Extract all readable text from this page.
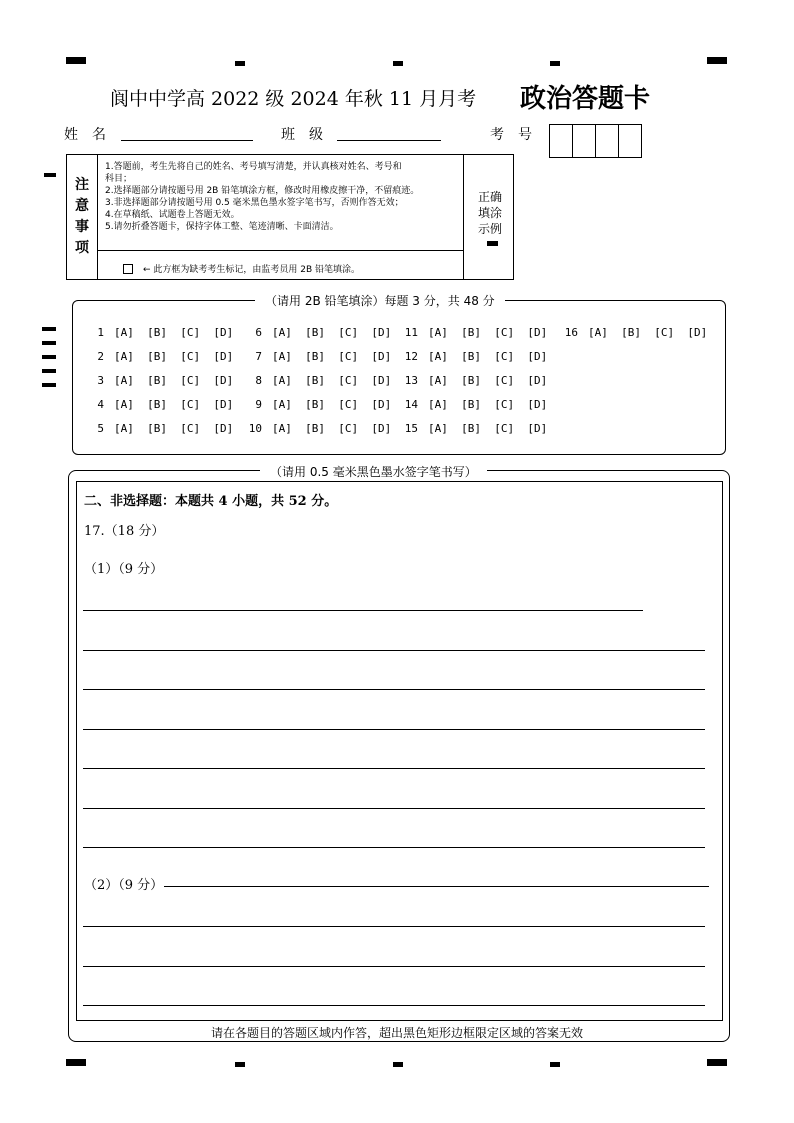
阆中中学高 2022 级 2024 年秋 11 月月考 政治答题卡
姓　名	班　级	考　号
注
意
事
项
1.答题前，考生先将自己的姓名、考号填写清楚，并认真核对姓名、考号和
科目；
2.选择题部分请按题号用 2B 铅笔填涂方框，修改时用橡皮擦干净，不留痕迹。
3.非选择题部分请按题号用 0.5 毫米黑色墨水签字笔书写，否则作答无效；
4.在草稿纸、试题卷上答题无效。
5.请勿折叠答题卡，保持字体工整、笔迹清晰、卡面清洁。
← 此方框为缺考考生标记，由监考员用 2B 铅笔填涂。
正确
填涂
示例
（请用 2B 铅笔填涂）每题 3 分，共 48 分
1 [A]  [B]  [C]  [D]
2 [A]  [B]  [C]  [D]
3 [A]  [B]  [C]  [D]
4 [A]  [B]  [C]  [D]
5 [A]  [B]  [C]  [D]
6 [A]  [B]  [C]  [D]
7 [A]  [B]  [C]  [D]
8 [A]  [B]  [C]  [D]
9 [A]  [B]  [C]  [D]
10 [A]  [B]  [C]  [D]
11 [A]  [B]  [C]  [D]
12 [A]  [B]  [C]  [D]
13 [A]  [B]  [C]  [D]
14 [A]  [B]  [C]  [D]
15 [A]  [B]  [C]  [D]
16 [A]  [B]  [C]  [D]
（请用 0.5 毫米黑色墨水签字笔书写）
二、非选择题：本题共 4 小题，共 52 分。
17.（18 分）
（1）（9 分）
（2）（9 分）
请在各题目的答题区域内作答，超出黑色矩形边框限定区域的答案无效
